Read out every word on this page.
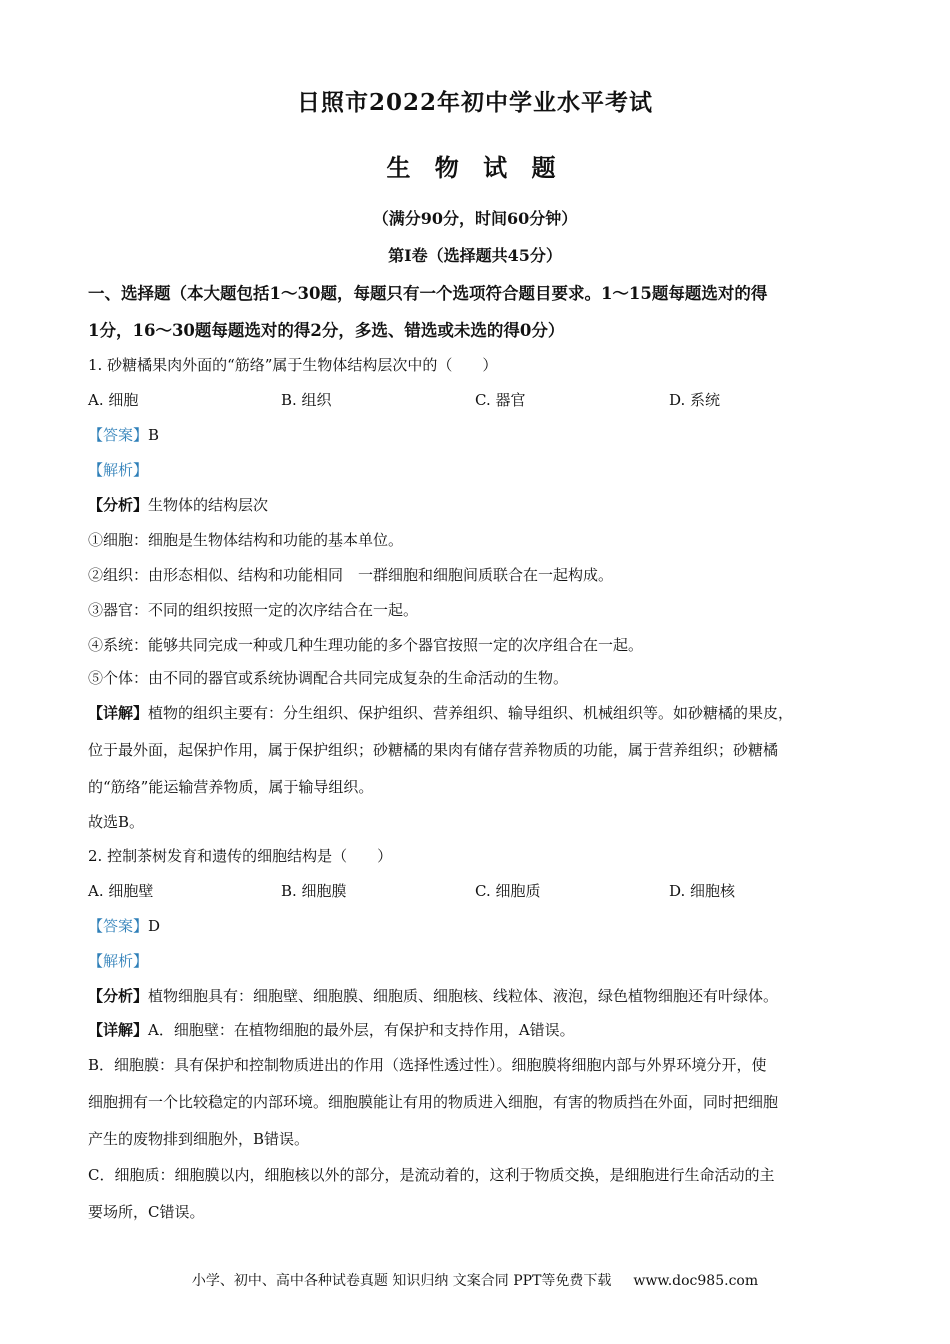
日照市2022年初中学业水平考试
生 物 试 题
（满分90分，时间60分钟）
第Ⅰ卷（选择题共45分）
一、选择题（本大题包括1～30题，每题只有一个选项符合题目要求。1～15题每题选对的得
1分，16～30题每题选对的得2分，多选、错选或未选的得0分）
1. 砂糖橘果肉外面的“筋络”属于生物体结构层次中的（　　）
A. 细胞	B. 组织	C. 器官	D. 系统
【答案】B
【解析】
【分析】生物体的结构层次
①细胞：细胞是生物体结构和功能的基本单位。
②组织：由形态相似、结构和功能相同　一群细胞和细胞间质联合在一起构成。
③器官：不同的组织按照一定的次序结合在一起。
④系统：能够共同完成一种或几种生理功能的多个器官按照一定的次序组合在一起。
⑤个体：由不同的器官或系统协调配合共同完成复杂的生命活动的生物。
【详解】植物的组织主要有：分生组织、保护组织、营养组织、输导组织、机械组织等。如砂糖橘的果皮，
位于最外面，起保护作用，属于保护组织；砂糖橘的果肉有储存营养物质的功能，属于营养组织；砂糖橘
的“筋络”能运输营养物质，属于输导组织。
故选B。
2. 控制茶树发育和遗传的细胞结构是（　　）
A. 细胞壁	B. 细胞膜	C. 细胞质	D. 细胞核
【答案】D
【解析】
【分析】植物细胞具有：细胞壁、细胞膜、细胞质、细胞核、线粒体、液泡，绿色植物细胞还有叶绿体。
【详解】A．细胞壁：在植物细胞的最外层，有保护和支持作用，A错误。
B．细胞膜：具有保护和控制物质进出的作用（选择性透过性）。细胞膜将细胞内部与外界环境分开，使
细胞拥有一个比较稳定的内部环境。细胞膜能让有用的物质进入细胞，有害的物质挡在外面，同时把细胞
产生的废物排到细胞外，B错误。
C．细胞质：细胞膜以内，细胞核以外的部分，是流动着的，这利于物质交换，是细胞进行生命活动的主
要场所，C错误。
小学、初中、高中各种试卷真题 知识归纳 文案合同 PPT等免费下载 www.doc985.com
